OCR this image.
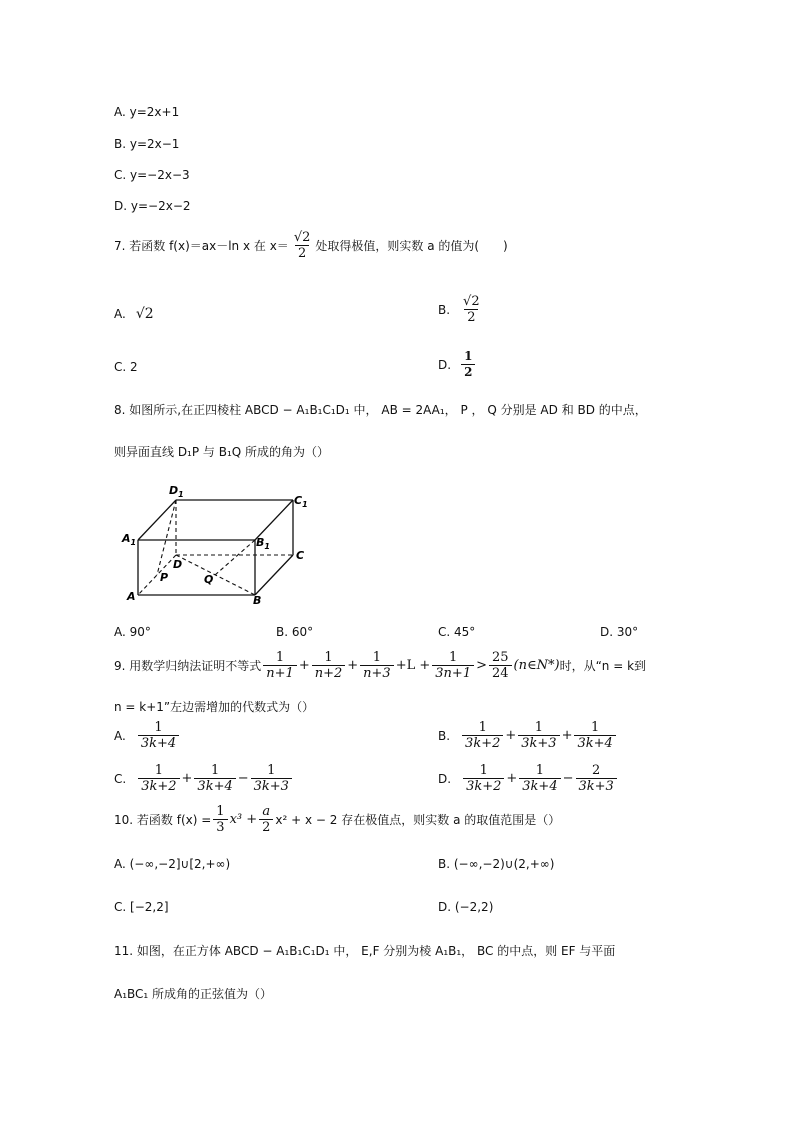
A. y=2x+1
B. y=2x−1
C. y=−2x−3
D. y=−2x−2
7. 若函数 f(x)＝ax－ln x 在 $x= \frac{√2}{2}$ 处取得极值，则实数 a 的值为(　　)
A. √2	B. $\frac{√2}{2}$
C. 2	D. $\frac{1}{2}$
8. 如图所示,在正四棱柱 ABCD − A₁B₁C₁D₁ 中， AB = 2AA₁， P ， Q 分别是 AD 和 BD 的中点，
则异面直线 D₁P 与 B₁Q 所成的角为（）
$D_1$	$C_1$
$A_1$	$B_1$
D
C
P	Q
A	B
A. 90°	B. 60°	C. 45°	D. 30°
9. 用数学归纳法证明不等式 $\frac{1}{n+1} + \frac{1}{n+2} + \frac{1}{n+3} +L + \frac{1}{3n+1} > \frac{25}{24}$ (n∈N*) 时，从“n = k到
n = k+1”左边需增加的代数式为（）
A. $\frac{1}{3k+4}$	B. $\frac{1}{3k+2} + \frac{1}{3k+3} + \frac{1}{3k+4}$
C. $\frac{1}{3k+2} + \frac{1}{3k+4} - \frac{1}{3k+3}$	D. $\frac{1}{3k+2} + \frac{1}{3k+4} - \frac{2}{3k+3}$
10. 若函数 $f(x) = \frac{1}{3} x^3 + \frac{a}{2} x^2 + x - 2$ 存在极值点，则实数 a 的取值范围是（）
A. (−∞,−2]∪[2,+∞)	B. (−∞,−2)∪(2,+∞)
C. [−2,2]	D. (−2,2)
11. 如图，在正方体 ABCD − A₁B₁C₁D₁ 中， E,F 分别为棱 A₁B₁， BC 的中点，则 EF 与平面
A₁BC₁ 所成角的正弦值为（）
